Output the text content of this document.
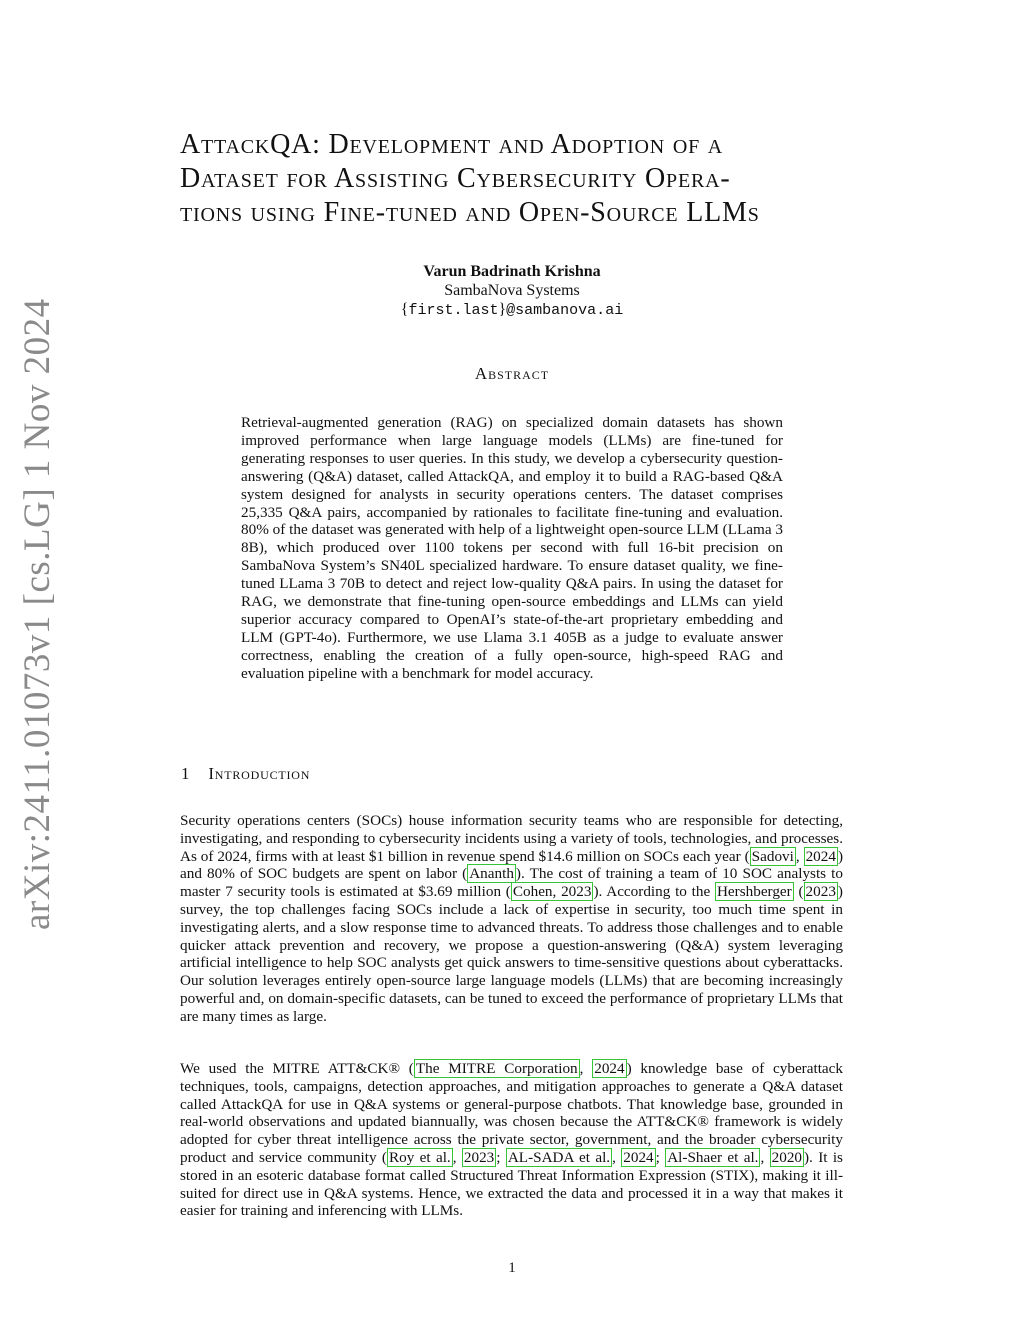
arXiv:2411.01073v1 [cs.LG] 1 Nov 2024
AttackQA: Development and Adoption of a
Dataset for Assisting Cybersecurity Opera-
tions using Fine-tuned and Open-Source LLMs
Varun Badrinath Krishna
SambaNova Systems
{first.last}@sambanova.ai
Abstract

Retrieval-augmented generation (RAG) on specialized domain datasets has shown improved performance when large language models (LLMs) are fine-tuned for generating responses to user queries. In this study, we develop a cybersecurity question-answering (Q&A) dataset, called AttackQA, and employ it to build a RAG-based Q&A system designed for analysts in security operations centers. The dataset comprises 25,335 Q&A pairs, accompanied by rationales to facilitate fine-tuning and evaluation. 80% of the dataset was generated with help of a lightweight open-source LLM (LLama 3 8B), which produced over 1100 tokens per second with full 16-bit precision on SambaNova System’s SN40L specialized hardware. To ensure dataset quality, we fine-tuned LLama 3 70B to detect and reject low-quality Q&A pairs. In using the dataset for RAG, we demonstrate that fine-tuning open-source embeddings and LLMs can yield superior accuracy compared to OpenAI’s state-of-the-art proprietary embedding and LLM (GPT-4o). Furthermore, we use Llama 3.1 405B as a judge to evaluate answer correctness, enabling the creation of a fully open-source, high-speed RAG and evaluation pipeline with a benchmark for model accuracy.

1 Introduction

Security operations centers (SOCs) house information security teams who are responsible for detecting, investigating, and responding to cybersecurity incidents using a variety of tools, technologies, and processes. As of 2024, firms with at least $1 billion in revenue spend $14.6 million on SOCs each year ( Sadovi , 2024 ) and 80% of SOC budgets are spent on labor ( Ananth ). The cost of training a team of 10 SOC analysts to master 7 security tools is estimated at $3.69 million ( Cohen, 2023 ). According to the Hershberger ( 2023 ) survey, the top challenges facing SOCs include a lack of expertise in security, too much time spent in investigating alerts, and a slow response time to advanced threats. To address those challenges and to enable quicker attack prevention and recovery, we propose a question-answering (Q&A) system leveraging artificial intelligence to help SOC analysts get quick answers to time-sensitive questions about cyberattacks. Our solution leverages entirely open-source large language models (LLMs) that are becoming increasingly powerful and, on domain-specific datasets, can be tuned to exceed the performance of proprietary LLMs that are many times as large.

We used the MITRE ATT&CK® ( The MITRE Corporation , 2024 ) knowledge base of cyberattack techniques, tools, campaigns, detection approaches, and mitigation approaches to generate a Q&A dataset called AttackQA for use in Q&A systems or general-purpose chatbots. That knowledge base, grounded in real-world observations and updated biannually, was chosen because the ATT&CK® framework is widely adopted for cyber threat intelligence across the private sector, government, and the broader cybersecurity product and service community ( Roy et al. , 2023 ; AL-SADA et al. , 2024 ; Al-Shaer et al. , 2020 ). It is stored in an esoteric database format called Structured Threat Information Expression (STIX), making it ill-suited for direct use in Q&A systems. Hence, we extracted the data and processed it in a way that makes it easier for training and inferencing with LLMs.

1
